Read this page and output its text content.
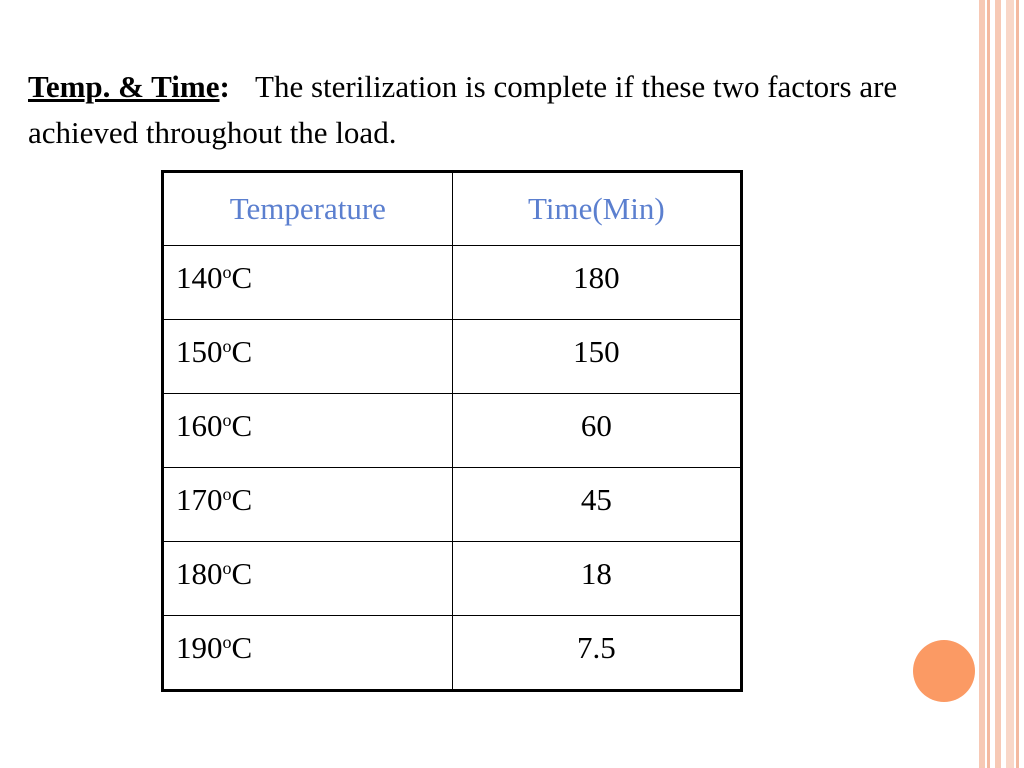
Temp. & Time: The sterilization is complete if these two factors are achieved throughout the load.
Temperature	Time(Min)

140$^o$C	180

150$^o$C	150

160$^o$C	60

170$^o$C	45

180$^o$C	18

190$^o$C	7.5
